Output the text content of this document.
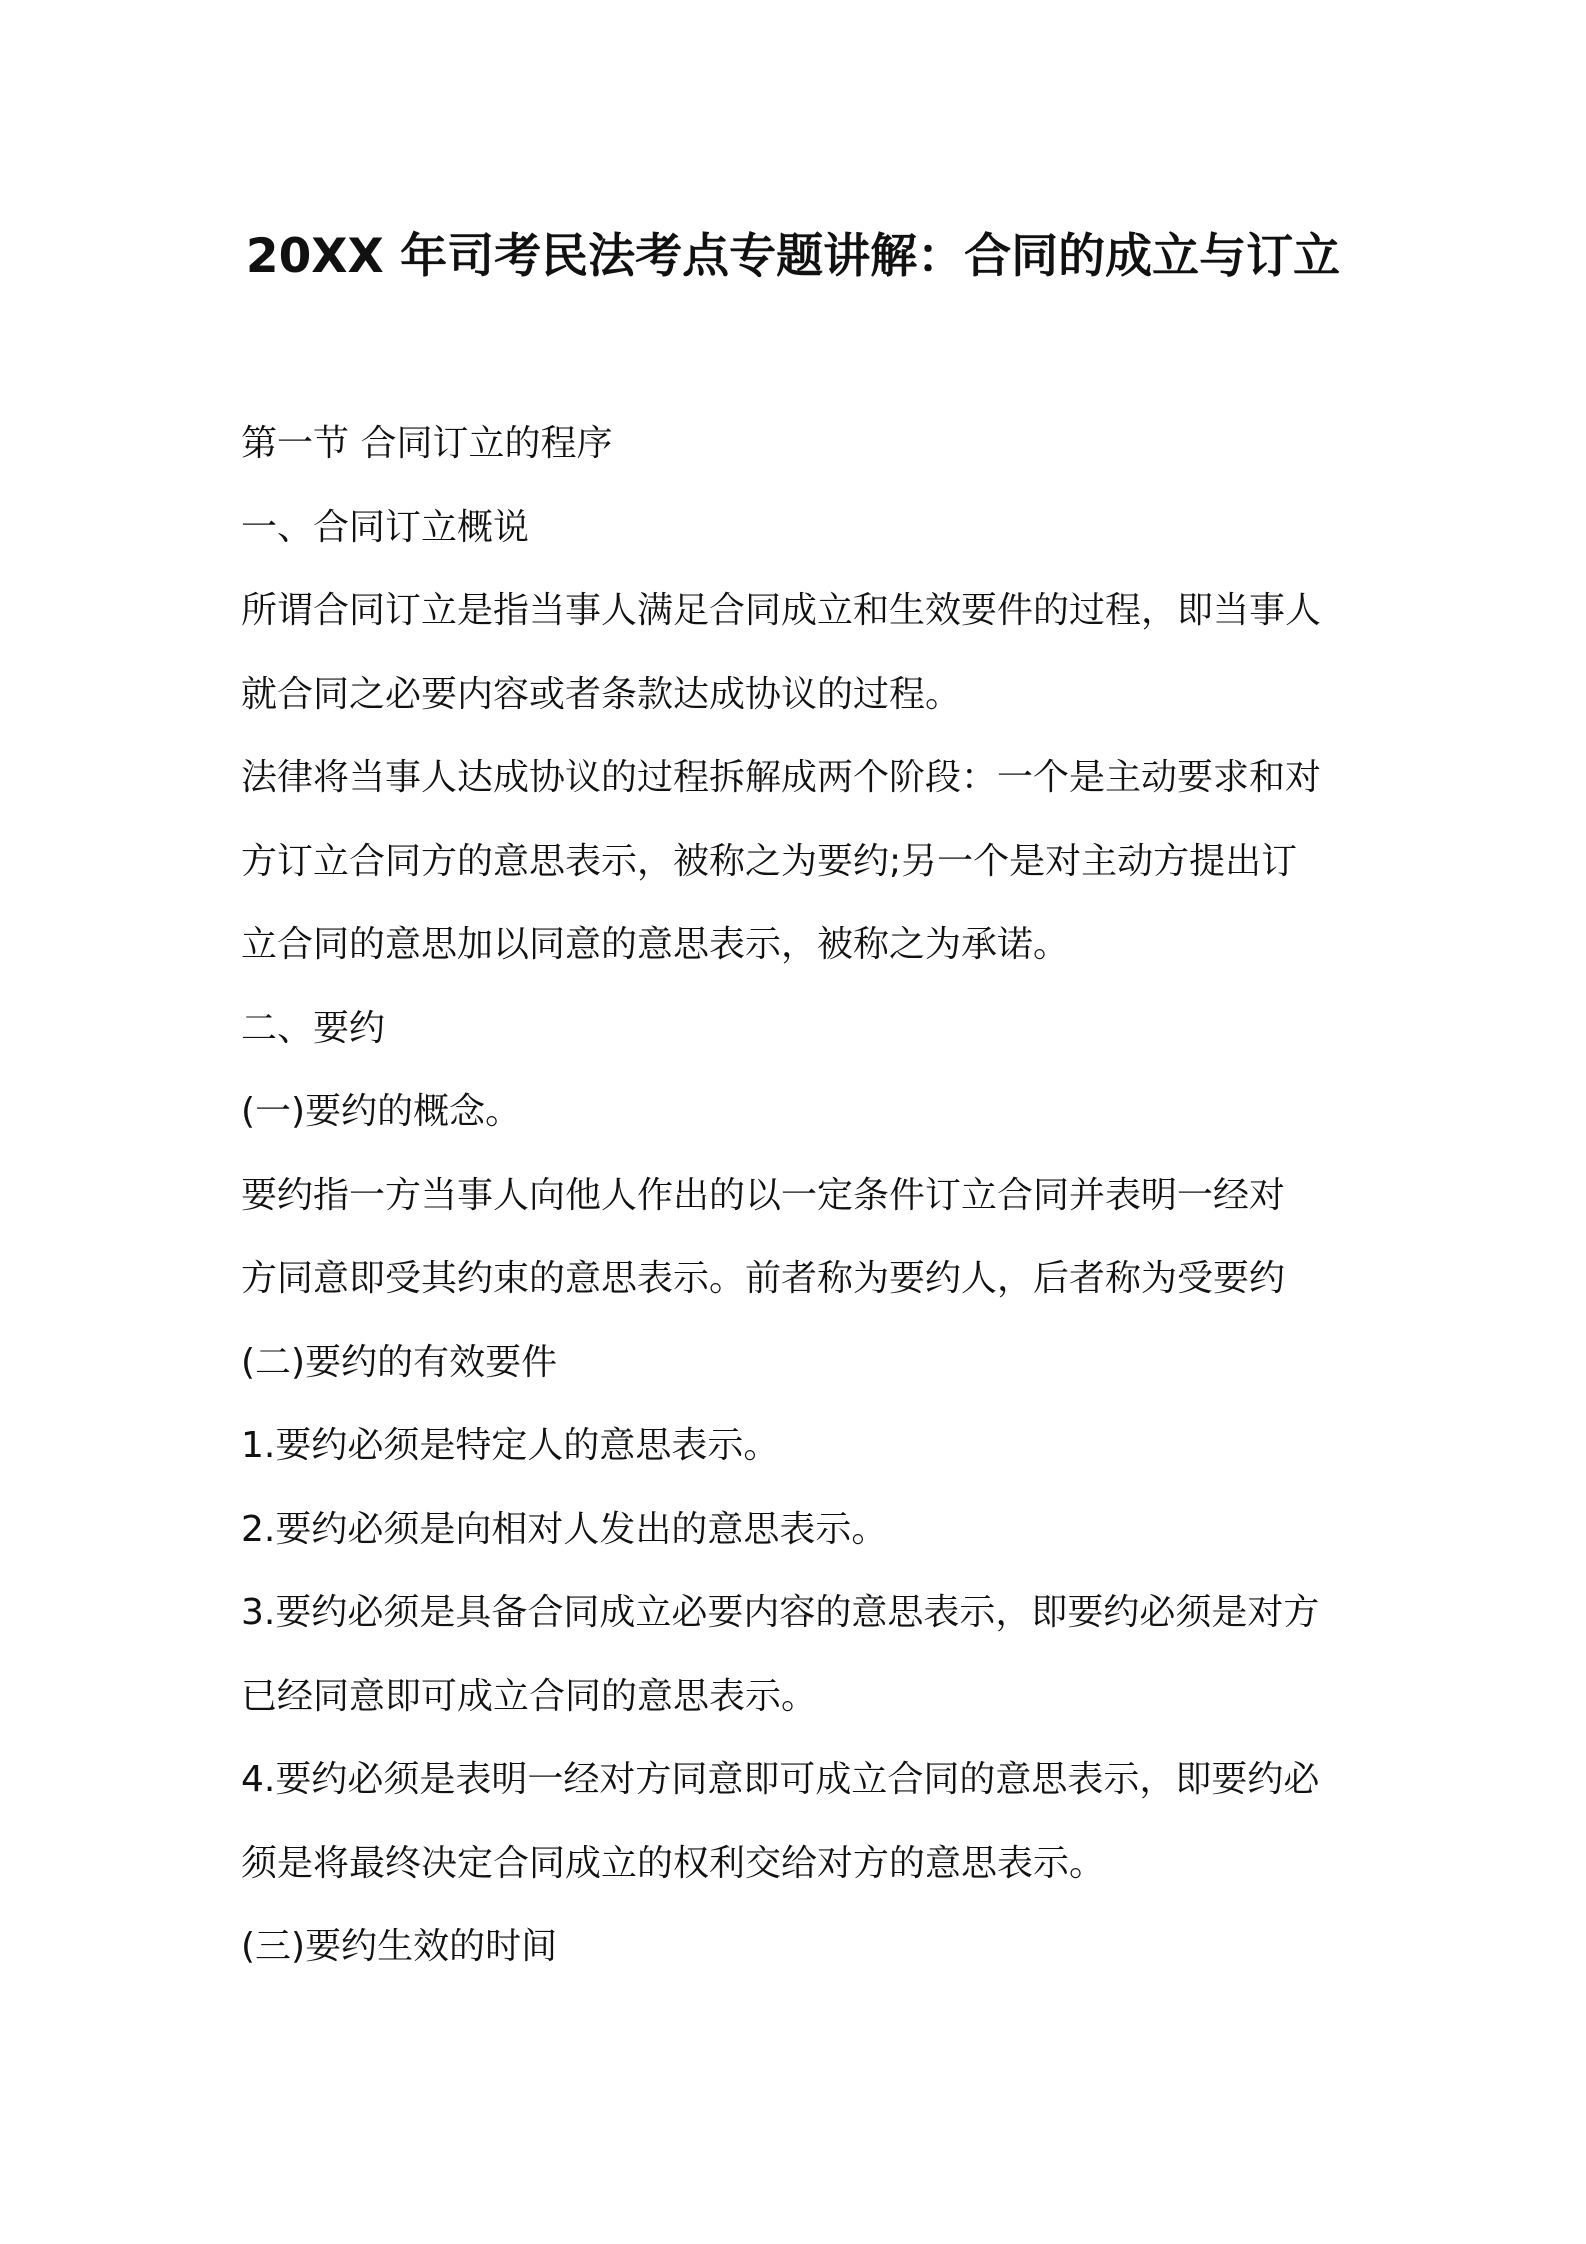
20XX 年司考民法考点专题讲解：合同的成立与订立
第一节 合同订立的程序
一、合同订立概说
所谓合同订立是指当事人满足合同成立和生效要件的过程，即当事人
就合同之必要内容或者条款达成协议的过程。
法律将当事人达成协议的过程拆解成两个阶段：一个是主动要求和对
方订立合同方的意思表示，被称之为要约;另一个是对主动方提出订
立合同的意思加以同意的意思表示，被称之为承诺。
二、要约
(一)要约的概念。
要约指一方当事人向他人作出的以一定条件订立合同并表明一经对
方同意即受其约束的意思表示。前者称为要约人，后者称为受要约
(二)要约的有效要件
1.要约必须是特定人的意思表示。
2.要约必须是向相对人发出的意思表示。
3.要约必须是具备合同成立必要内容的意思表示，即要约必须是对方
已经同意即可成立合同的意思表示。
4.要约必须是表明一经对方同意即可成立合同的意思表示，即要约必
须是将最终决定合同成立的权利交给对方的意思表示。
(三)要约生效的时间
